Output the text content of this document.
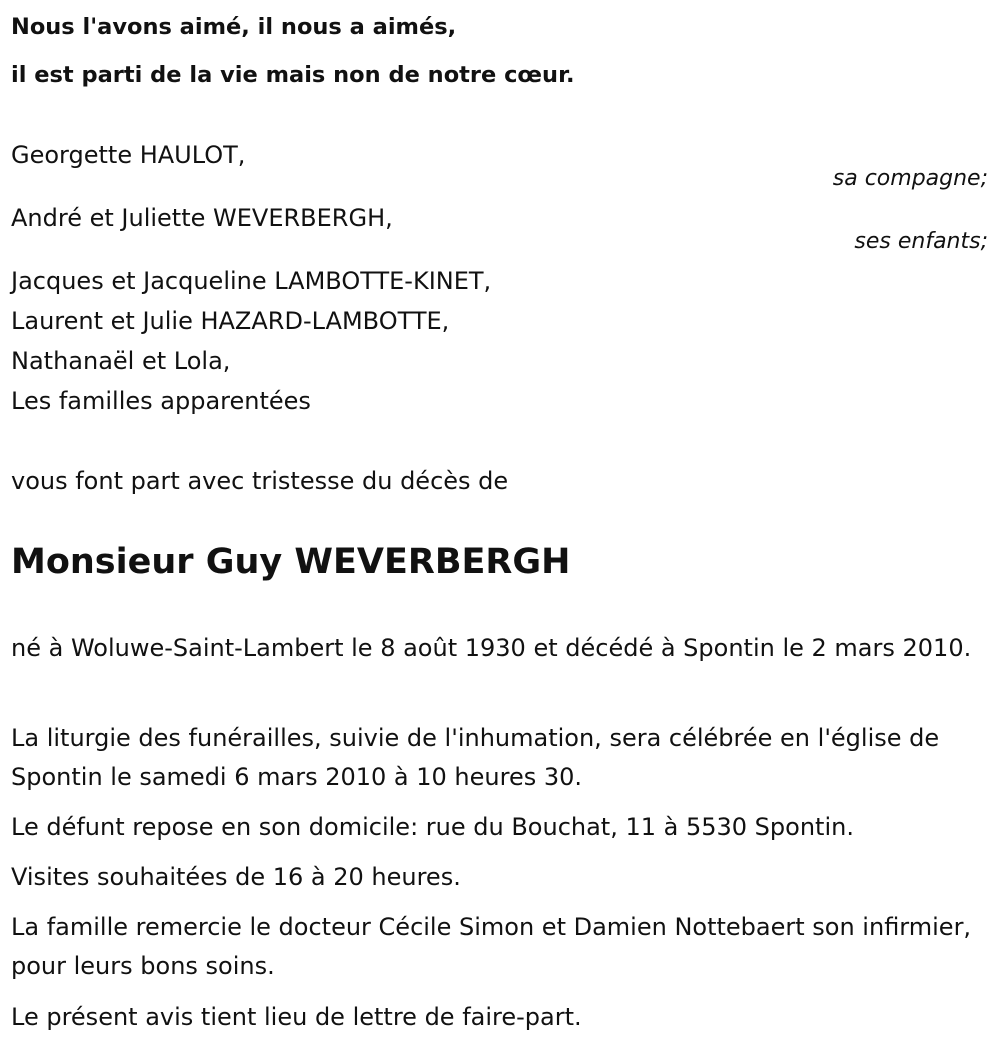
Nous l'avons aimé, il nous a aimés,
il est parti de la vie mais non de notre cœur.
Georgette HAULOT,
sa compagne;
André et Juliette WEVERBERGH,
ses enfants;
Jacques et Jacqueline LAMBOTTE-KINET,
Laurent et Julie HAZARD-LAMBOTTE,
Nathanaël et Lola,
Les familles apparentées
vous font part avec tristesse du décès de
Monsieur Guy WEVERBERGH
né à Woluwe-Saint-Lambert le 8 août 1930 et décédé à Spontin le 2 mars 2010.
La liturgie des funérailles, suivie de l'inhumation, sera célébrée en l'église de Spontin le samedi 6 mars 2010 à 10 heures 30.
Le défunt repose en son domicile: rue du Bouchat, 11 à 5530 Spontin.
Visites souhaitées de 16 à 20 heures.
La famille remercie le docteur Cécile Simon et Damien Nottebaert son infirmier, pour leurs bons soins.
Le présent avis tient lieu de lettre de faire-part.
